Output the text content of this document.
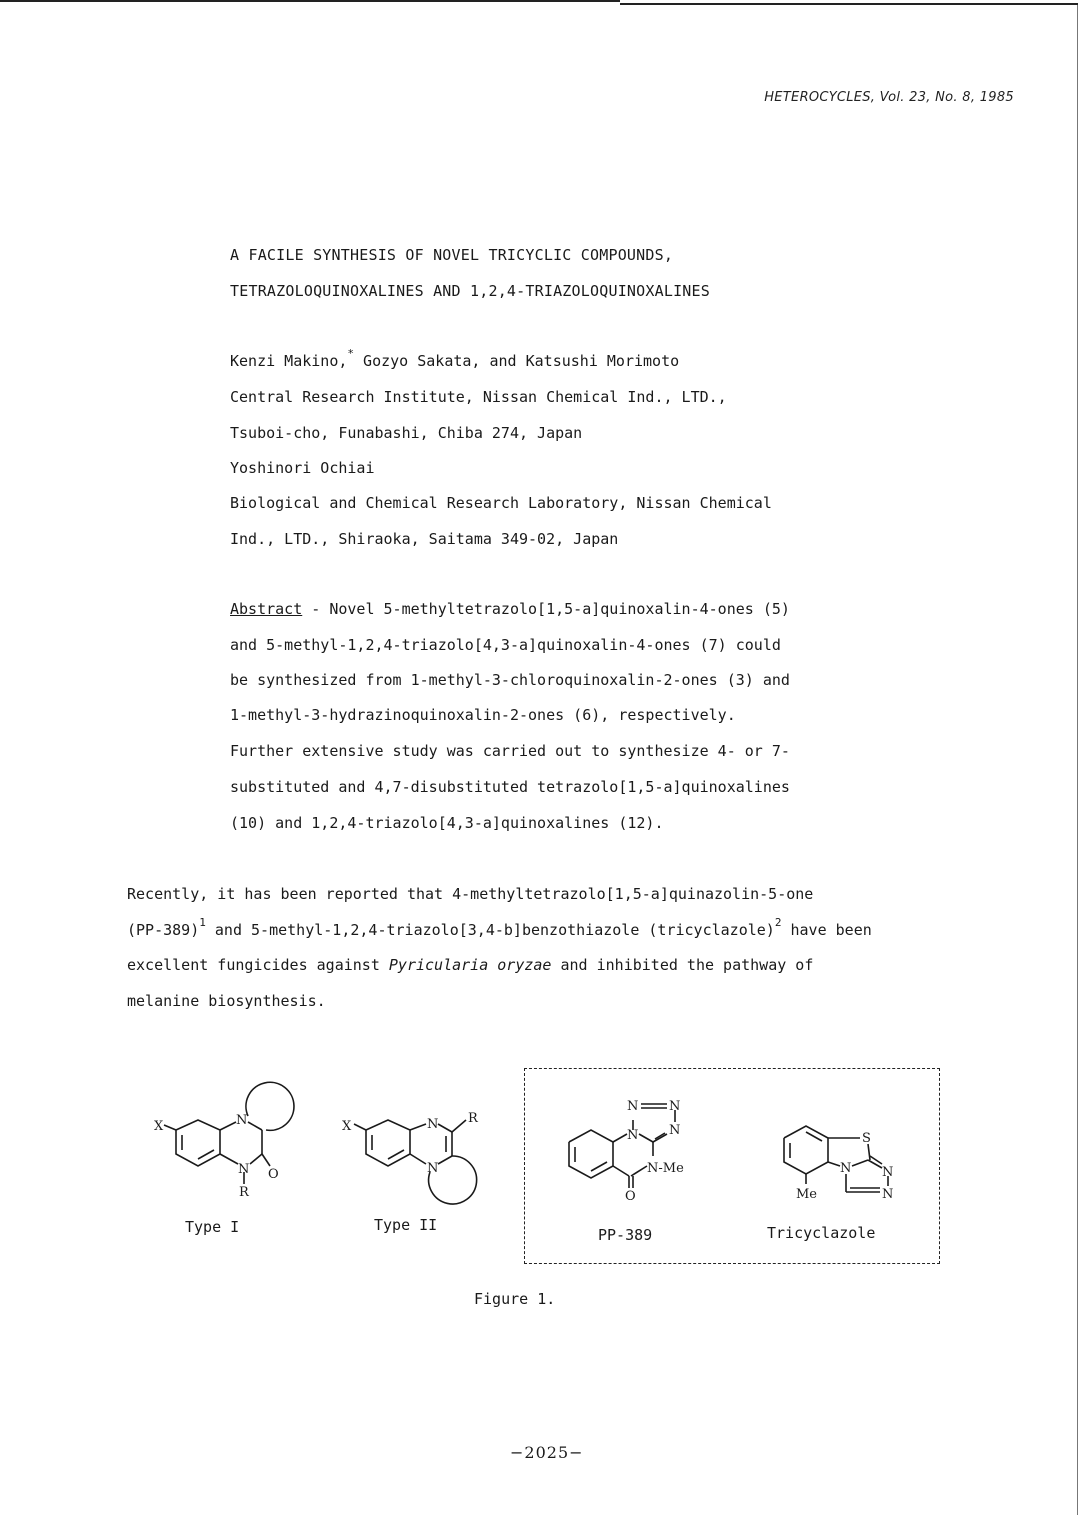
HETEROCYCLES, Vol. 23, No. 8, 1985
A FACILE SYNTHESIS OF NOVEL TRICYCLIC COMPOUNDS,
TETRAZOLOQUINOXALINES AND 1,2,4-TRIAZOLOQUINOXALINES
Kenzi Makino,* Gozyo Sakata, and Katsushi Morimoto
Central Research Institute, Nissan Chemical Ind., LTD.,
Tsuboi-cho, Funabashi, Chiba 274, Japan
Yoshinori Ochiai
Biological and Chemical Research Laboratory, Nissan Chemical
Ind., LTD., Shiraoka, Saitama 349-02, Japan
Abstract - Novel 5-methyltetrazolo[1,5-a]quinoxalin-4-ones (5)
and 5-methyl-1,2,4-triazolo[4,3-a]quinoxalin-4-ones (7) could
be synthesized from 1-methyl-3-chloroquinoxalin-2-ones (3) and
1-methyl-3-hydrazinoquinoxalin-2-ones (6), respectively.
Further extensive study was carried out to synthesize 4- or 7-
substituted and 4,7-disubstituted tetrazolo[1,5-a]quinoxalines
(10) and 1,2,4-triazolo[4,3-a]quinoxalines (12).
Recently, it has been reported that 4-methyltetrazolo[1,5-a]quinazolin-5-one
$(PP-389)^1$ and 5-methyl-1,2,4-triazolo[3,4-b]benzothiazole (tricyclazole)$^2$ have been
excellent fungicides against Pyricularia oryzae and inhibited the pathway of
melanine biosynthesis.
X	N
N O
R
Type I
X	N R
N
Type II
N N
N N
N-Me
O
PP-389
S
N N
N
Me
Tricyclazole
Figure 1.
−2025−
